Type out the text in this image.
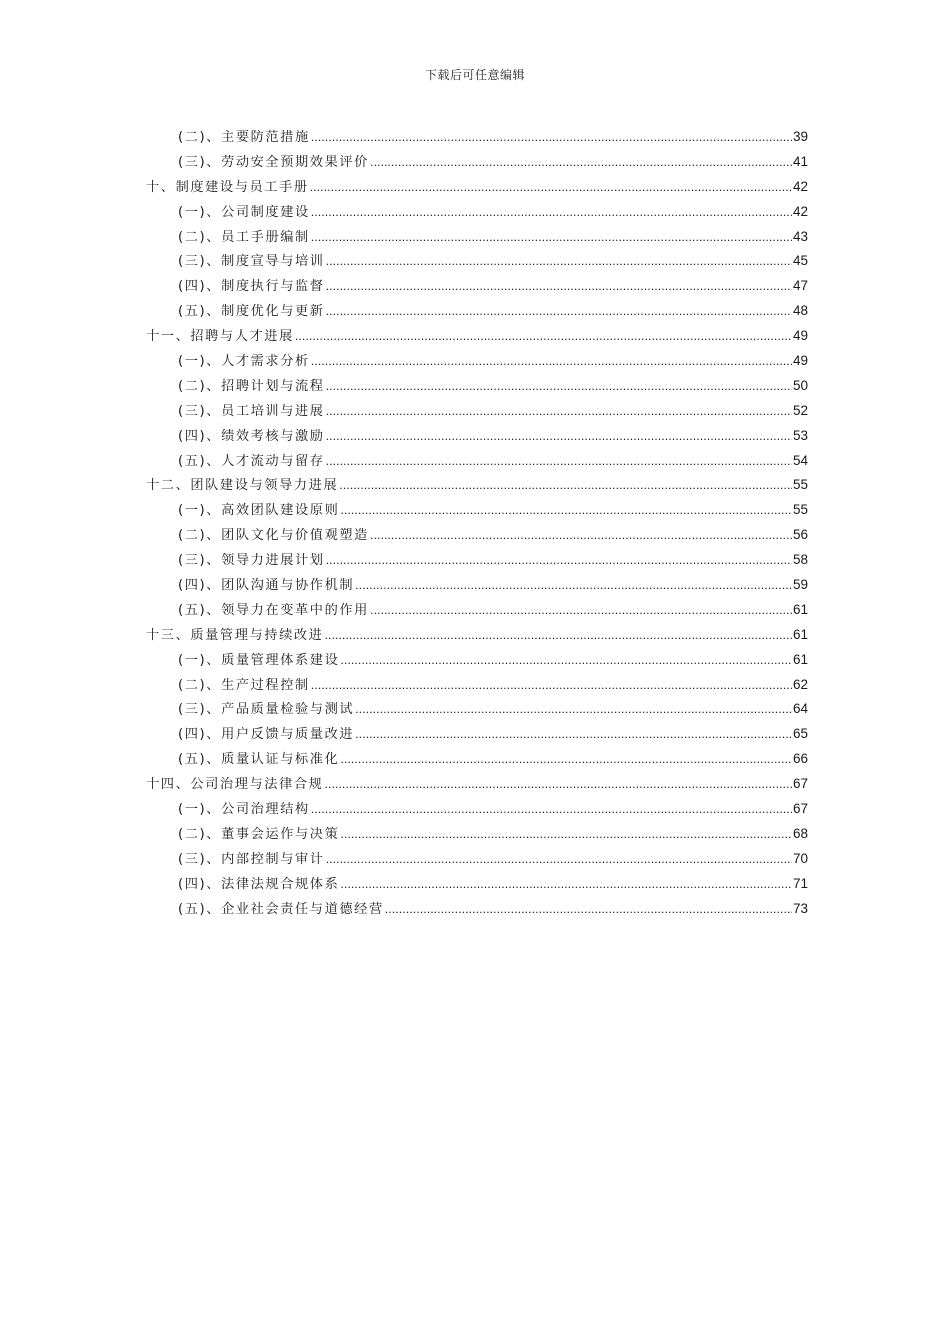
下载后可任意编辑
(二)、主要防范措施 .....	39
(三)、劳动安全预期效果评价 .....	41
十、制度建设与员工手册 .....	42
(一)、公司制度建设 .....	42
(二)、员工手册编制 .....	43
(三)、制度宣导与培训 .....	45
(四)、制度执行与监督 .....	47
(五)、制度优化与更新 .....	48
十一、招聘与人才进展 .....	49
(一)、人才需求分析 .....	49
(二)、招聘计划与流程 .....	50
(三)、员工培训与进展 .....	52
(四)、绩效考核与激励 .....	53
(五)、人才流动与留存 .....	54
十二、团队建设与领导力进展 .....	55
(一)、高效团队建设原则 .....	55
(二)、团队文化与价值观塑造 .....	56
(三)、领导力进展计划 .....	58
(四)、团队沟通与协作机制 .....	59
(五)、领导力在变革中的作用 .....	61
十三、质量管理与持续改进 .....	61
(一)、质量管理体系建设 .....	61
(二)、生产过程控制 .....	62
(三)、产品质量检验与测试 .....	64
(四)、用户反馈与质量改进 .....	65
(五)、质量认证与标准化 .....	66
十四、公司治理与法律合规 .....	67
(一)、公司治理结构 .....	67
(二)、董事会运作与决策 .....	68
(三)、内部控制与审计 .....	70
(四)、法律法规合规体系 .....	71
(五)、企业社会责任与道德经营 .....	73
